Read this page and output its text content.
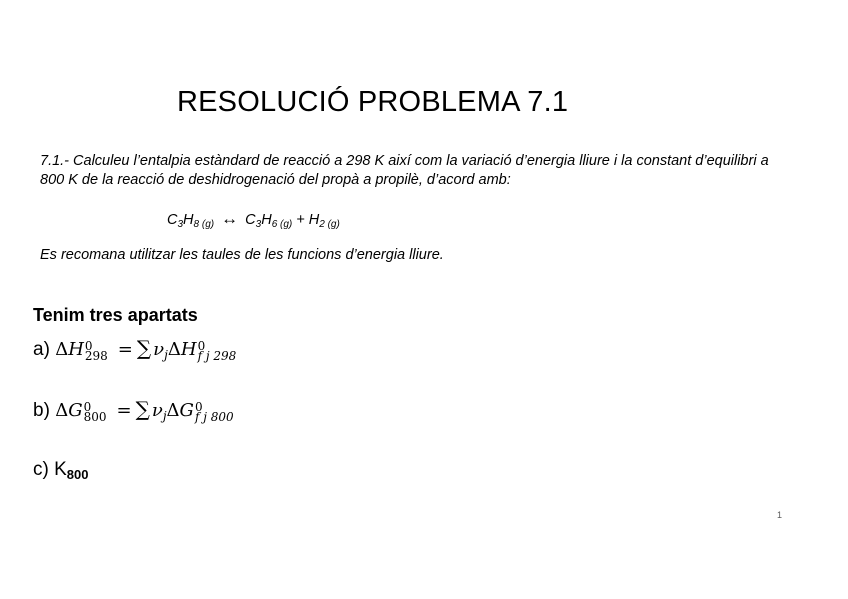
RESOLUCIÓ PROBLEMA 7.1
7.1.- Calculeu l’entalpia estàndard de reacció a 298 K així com la variació d’energia lliure i la constant d’equilibri a 800 K de la reacció de deshidrogenació del propà a propilè, d’acord amb:
$C_3H_{8 (g)}$ ↔ $C_3H_{6 (g)} + H_{2 (g)}$
Es recomana utilitzar les taules de les funcions d’energia lliure.
Tenim tres apartats
a) ΔH 0
298 = ∑ $\nu_j\Delta H$ 0
f j 298
b) ΔG 0
800 = ∑ $\nu_j\Delta G$ 0
f j 800
c) $K_{800}$
1
